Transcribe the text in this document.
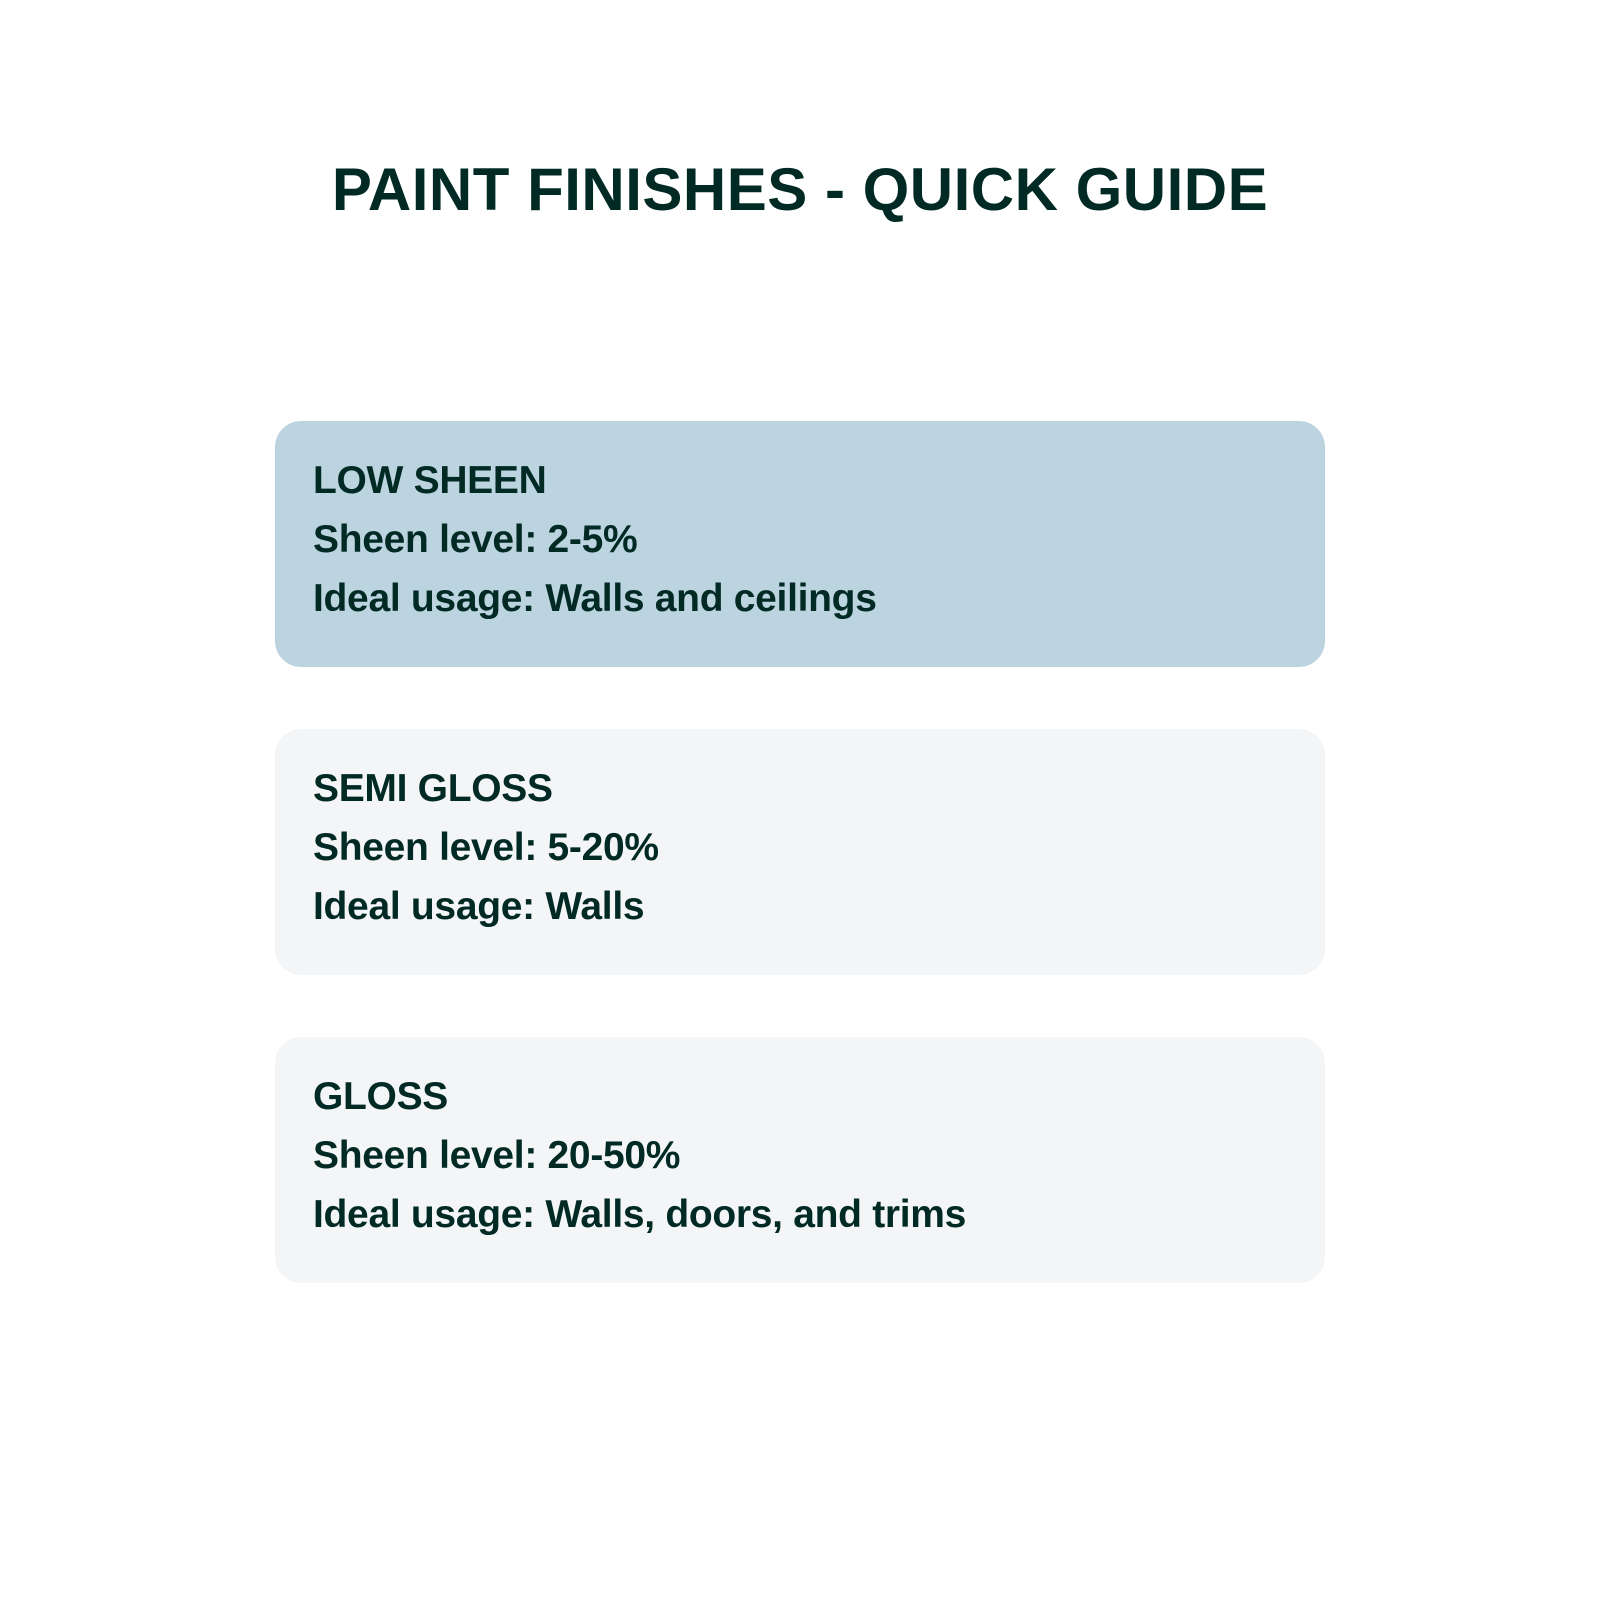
PAINT FINISHES - QUICK GUIDE
LOW SHEEN
Sheen level: 2-5%
Ideal usage: Walls and ceilings
SEMI GLOSS
Sheen level: 5-20%
Ideal usage: Walls
GLOSS
Sheen level: 20-50%
Ideal usage: Walls, doors, and trims
